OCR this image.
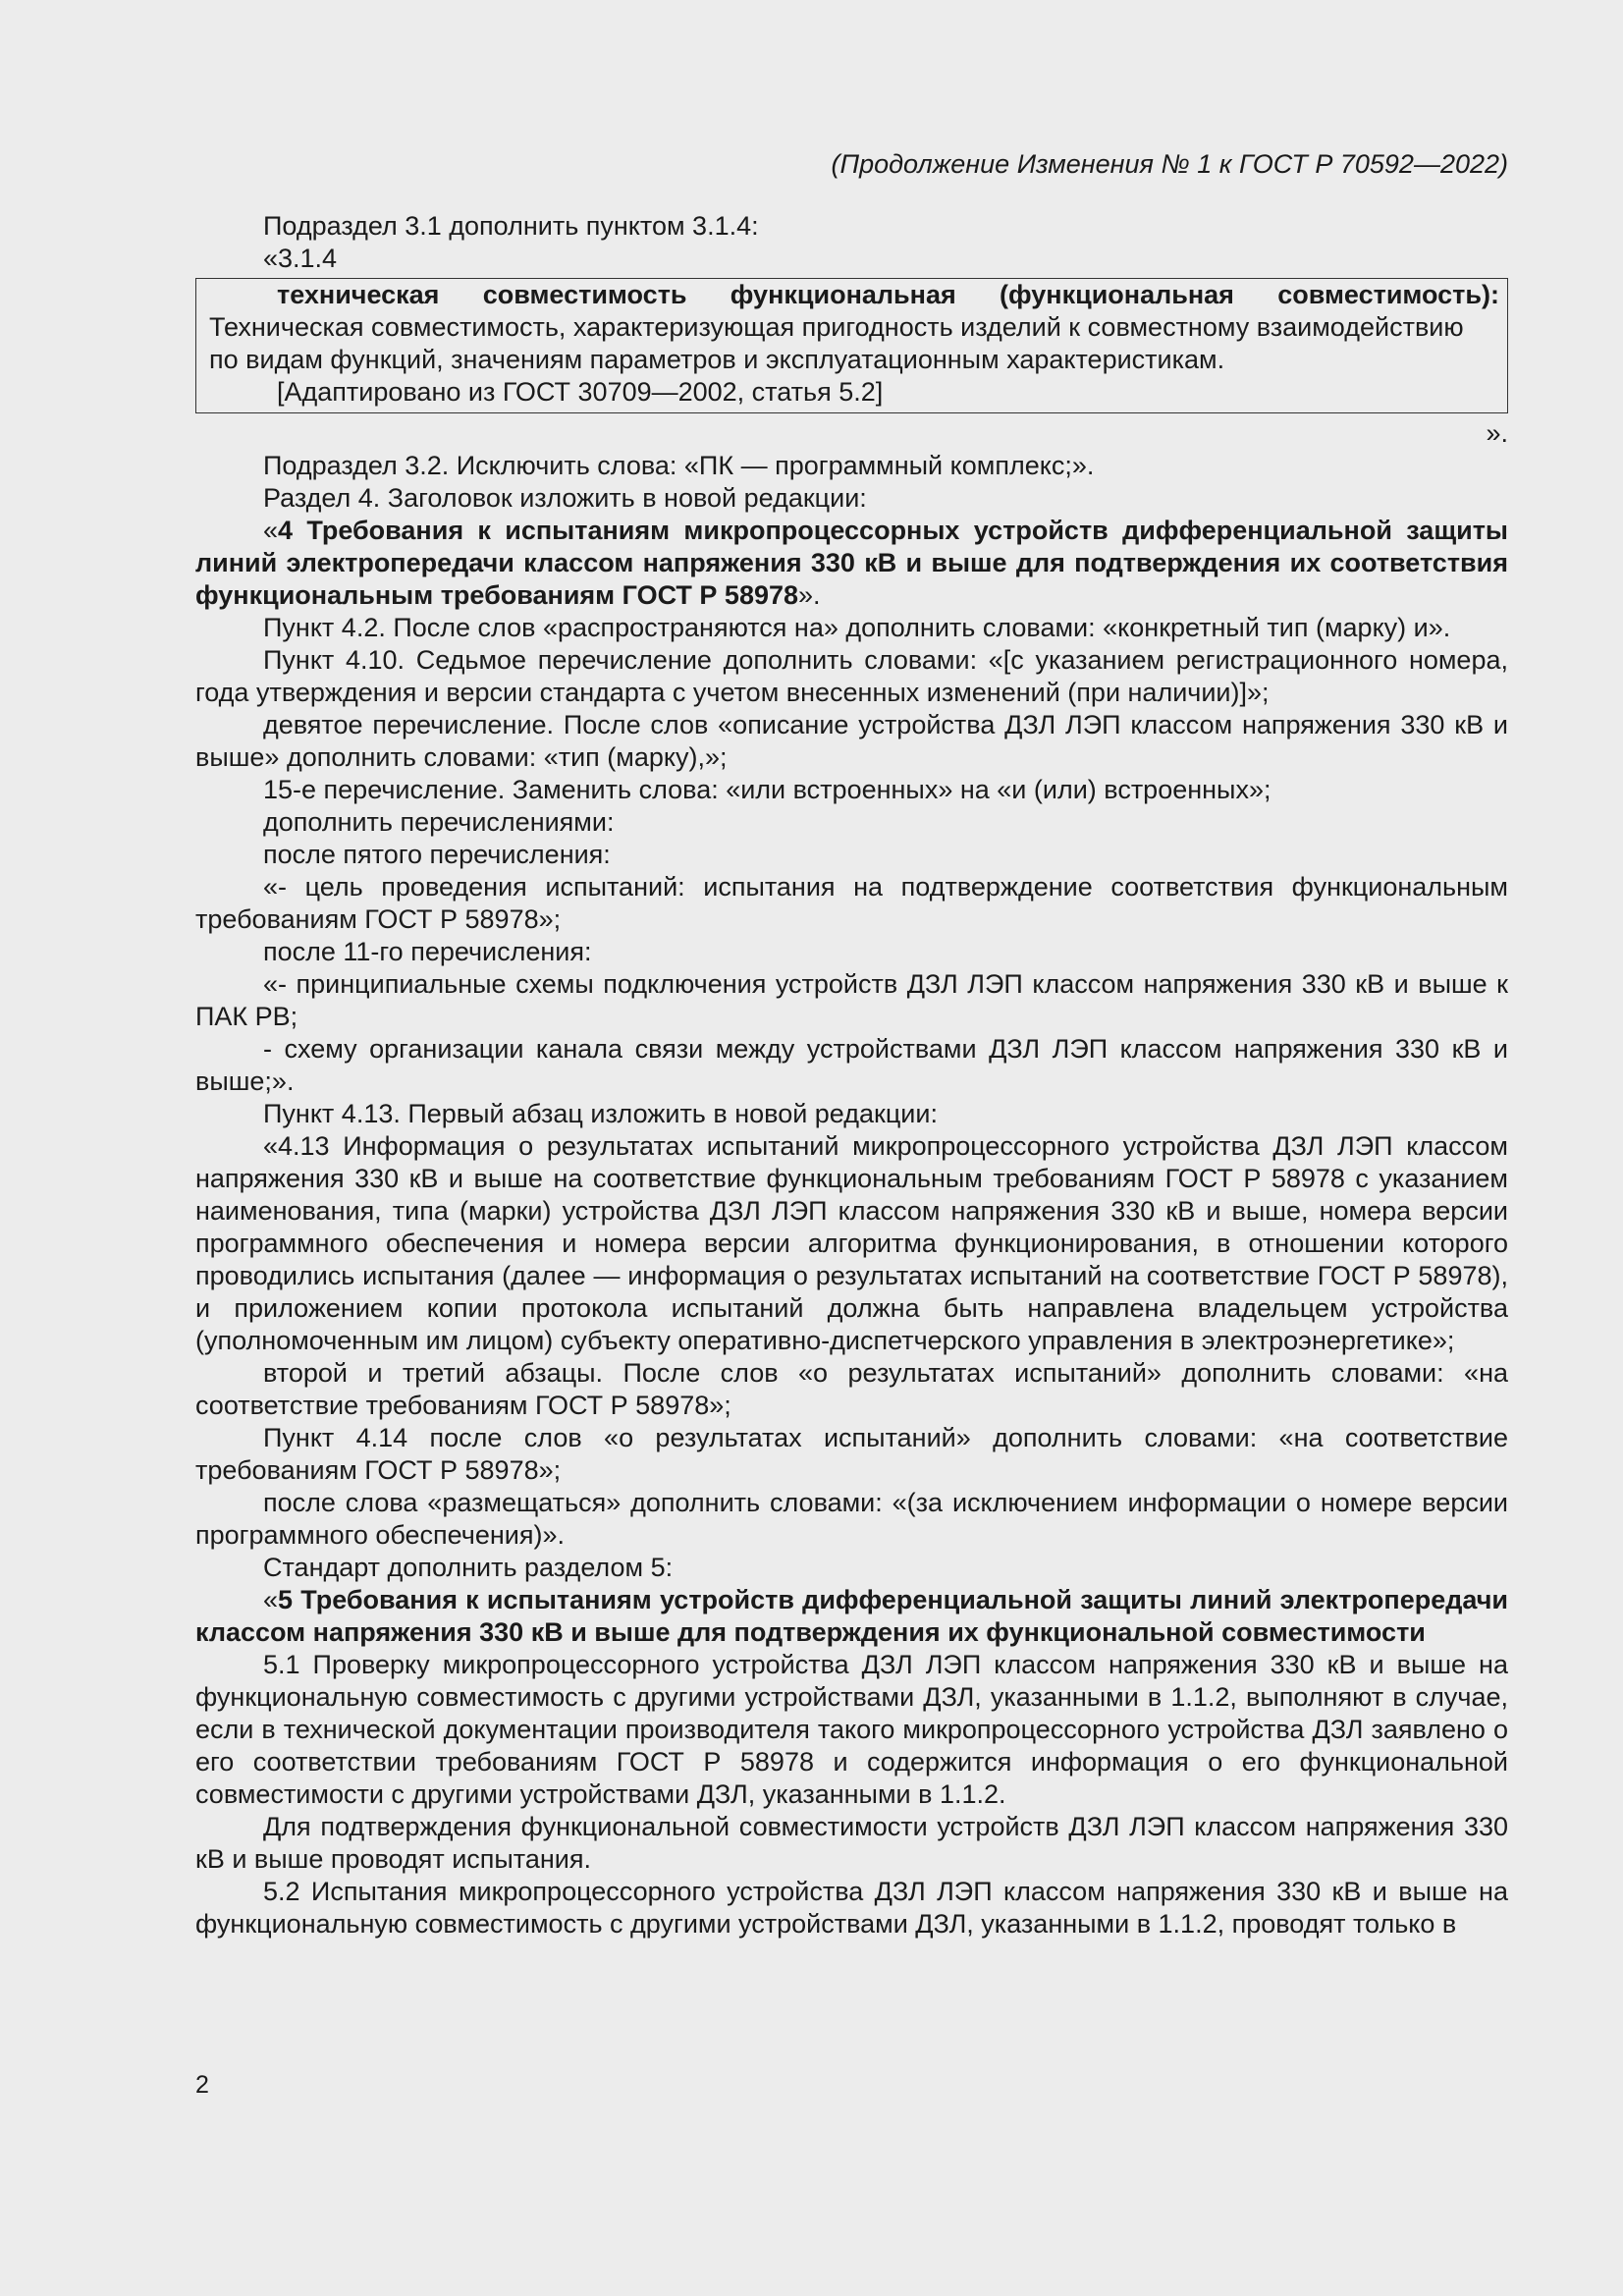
(Продолжение Изменения № 1 к ГОСТ Р 70592—2022)

Подраздел 3.1 дополнить пунктом 3.1.4:

«3.1.4

техническая совместимость функциональная (функциональная совместимость):

Техническая совместимость, характеризующая пригодность изделий к совместному взаимодействию по видам функций, значениям параметров и эксплуатационным характеристикам.

[Адаптировано из ГОСТ 30709—2002, статья 5.2]

».

Подраздел 3.2. Исключить слова: «ПК — программный комплекс;».

Раздел 4. Заголовок изложить в новой редакции:

«4 Требования к испытаниям микропроцессорных устройств дифференциальной защиты линий электропередачи классом напряжения 330 кВ и выше для подтверждения их соответствия функциональным требованиям ГОСТ Р 58978».

Пункт 4.2. После слов «распространяются на» дополнить словами: «конкретный тип (марку) и».

Пункт 4.10. Седьмое перечисление дополнить словами: «[с указанием регистрационного номера, года утверждения и версии стандарта с учетом внесенных изменений (при наличии)]»;

девятое перечисление. После слов «описание устройства ДЗЛ ЛЭП классом напряжения 330 кВ и выше» дополнить словами: «тип (марку),»;

15-е перечисление. Заменить слова: «или встроенных» на «и (или) встроенных»;

дополнить перечислениями:

после пятого перечисления:

«- цель проведения испытаний: испытания на подтверждение соответствия функциональным требованиям ГОСТ Р 58978»;

после 11-го перечисления:

«- принципиальные схемы подключения устройств ДЗЛ ЛЭП классом напряжения 330 кВ и выше к ПАК РВ;

- схему организации канала связи между устройствами ДЗЛ ЛЭП классом напряжения 330 кВ и выше;».

Пункт 4.13. Первый абзац изложить в новой редакции:

«4.13 Информация о результатах испытаний микропроцессорного устройства ДЗЛ ЛЭП классом напряжения 330 кВ и выше на соответствие функциональным требованиям ГОСТ Р 58978 с указанием наименования, типа (марки) устройства ДЗЛ ЛЭП классом напряжения 330 кВ и выше, номера версии программного обеспечения и номера версии алгоритма функционирования, в отношении которого проводились испытания (далее — информация о результатах испытаний на соответствие ГОСТ Р 58978), и приложением копии протокола испытаний должна быть направлена владельцем устройства (уполномоченным им лицом) субъекту оперативно-диспетчерского управления в электроэнергетике»;

второй и третий абзацы. После слов «о результатах испытаний» дополнить словами: «на соответствие требованиям ГОСТ Р 58978»;

Пункт 4.14 после слов «о результатах испытаний» дополнить словами: «на соответствие требованиям ГОСТ Р 58978»;

после слова «размещаться» дополнить словами: «(за исключением информации о номере версии программного обеспечения)».

Стандарт дополнить разделом 5:

«5 Требования к испытаниям устройств дифференциальной защиты линий электропередачи классом напряжения 330 кВ и выше для подтверждения их функциональной совместимости

5.1 Проверку микропроцессорного устройства ДЗЛ ЛЭП классом напряжения 330 кВ и выше на функциональную совместимость с другими устройствами ДЗЛ, указанными в 1.1.2, выполняют в случае, если в технической документации производителя такого микропроцессорного устройства ДЗЛ заявлено о его соответствии требованиям ГОСТ Р 58978 и содержится информация о его функциональной совместимости с другими устройствами ДЗЛ, указанными в 1.1.2.

Для подтверждения функциональной совместимости устройств ДЗЛ ЛЭП классом напряжения 330 кВ и выше проводят испытания.

5.2 Испытания микропроцессорного устройства ДЗЛ ЛЭП классом напряжения 330 кВ и выше на функциональную совместимость с другими устройствами ДЗЛ, указанными в 1.1.2, проводят только в

2
